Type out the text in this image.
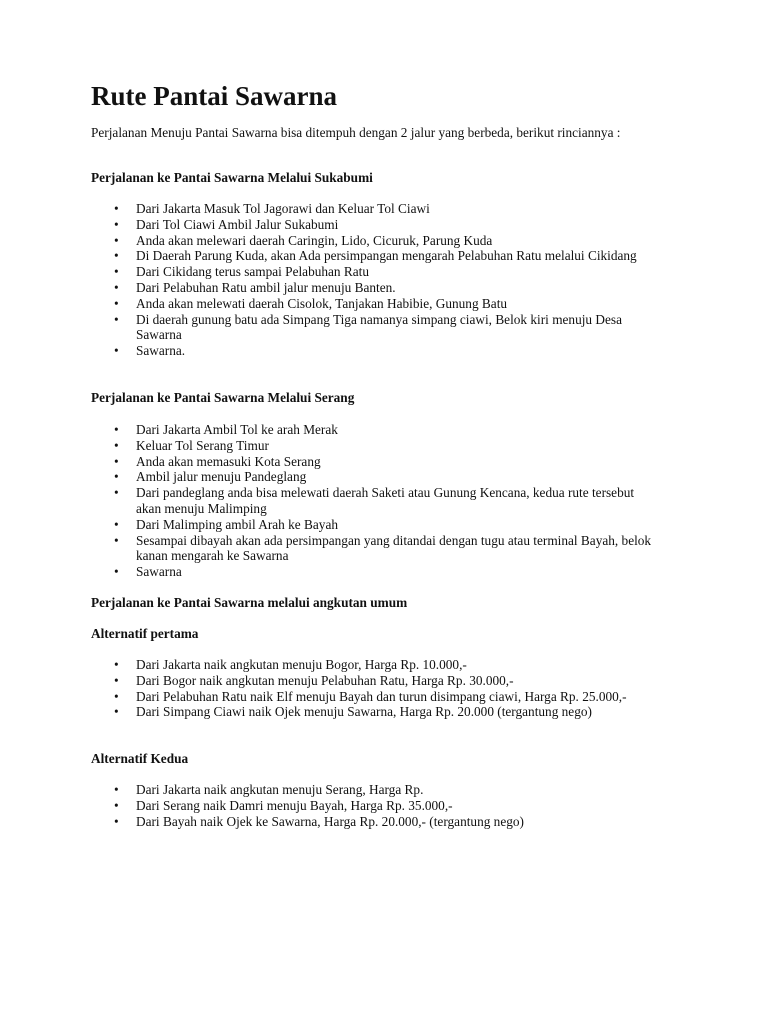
Rute Pantai Sawarna

Perjalanan Menuju Pantai Sawarna bisa ditempuh dengan 2 jalur yang berbeda, berikut rinciannya :

Perjalanan ke Pantai Sawarna Melalui Sukabumi

• Dari Jakarta Masuk Tol Jagorawi dan Keluar Tol Ciawi
• Dari Tol Ciawi Ambil Jalur Sukabumi
• Anda akan melewari daerah Caringin, Lido, Cicuruk, Parung Kuda
• Di Daerah Parung Kuda, akan Ada persimpangan mengarah Pelabuhan Ratu melalui Cikidang
• Dari Cikidang terus sampai Pelabuhan Ratu
• Dari Pelabuhan Ratu ambil jalur menuju Banten.
• Anda akan melewati daerah Cisolok, Tanjakan Habibie, Gunung Batu
• Di daerah gunung batu ada Simpang Tiga namanya simpang ciawi, Belok kiri menuju Desa Sawarna
• Sawarna.

Perjalanan ke Pantai Sawarna Melalui Serang

• Dari Jakarta Ambil Tol ke arah Merak
• Keluar Tol Serang Timur
• Anda akan memasuki Kota Serang
• Ambil jalur menuju Pandeglang
• Dari pandeglang anda bisa melewati daerah Saketi atau Gunung Kencana, kedua rute tersebut akan menuju Malimping
• Dari Malimping ambil Arah ke Bayah
• Sesampai dibayah akan ada persimpangan yang ditandai dengan tugu atau terminal Bayah, belok kanan mengarah ke Sawarna
• Sawarna

Perjalanan ke Pantai Sawarna melalui angkutan umum

Alternatif pertama

• Dari Jakarta naik angkutan menuju Bogor, Harga Rp. 10.000,-
• Dari Bogor naik angkutan menuju Pelabuhan Ratu, Harga Rp. 30.000,-
• Dari Pelabuhan Ratu naik Elf menuju Bayah dan turun disimpang ciawi, Harga Rp. 25.000,-
• Dari Simpang Ciawi naik Ojek menuju Sawarna, Harga Rp. 20.000 (tergantung nego)

Alternatif Kedua

• Dari Jakarta naik angkutan menuju Serang, Harga Rp.
• Dari Serang naik Damri menuju Bayah, Harga Rp. 35.000,-
• Dari Bayah naik Ojek ke Sawarna, Harga Rp. 20.000,- (tergantung nego)
